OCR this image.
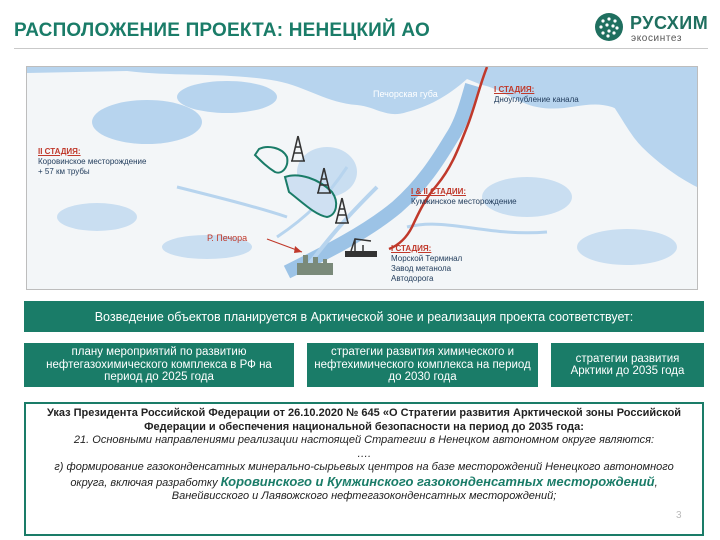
РАСПОЛОЖЕНИЕ ПРОЕКТА: НЕНЕЦКИЙ АО	РУСХИМ
экосинтез
Печорская губа
Р. Печора
II СТАДИЯ:
Коровинское месторождение
+ 57 км трубы
I СТАДИЯ:
Дноуглубление канала
I & II СТАДИИ:
Кумжинское месторождение
I СТАДИЯ:
Морской Терминал
Завод метанола
Автодорога
Возведение объектов планируется в Арктической зоне и реализация проекта соответствует:
плану мероприятий по развитию нефтегазохимического комплекса в РФ на период до 2025 года
стратегии развития химического и нефтехимического комплекса на период до 2030 года
стратегии развития Арктики до 2035 года
Указ Президента Российской Федерации от 26.10.2020 № 645 «О Стратегии развития Арктической зоны Российской Федерации и обеспечения национальной безопасности на период до 2035 года:
21. Основными направлениями реализации настоящей Стратегии в Ненецком автономном округе являются:
….
г) формирование газоконденсатных минерально-сырьевых центров на базе месторождений Ненецкого автономного округа, включая разработку Коровинского и Кумжинского газоконденсатных месторождений, Ванейвисского и Лаявожского нефтегазоконденсатных месторождений;
3
